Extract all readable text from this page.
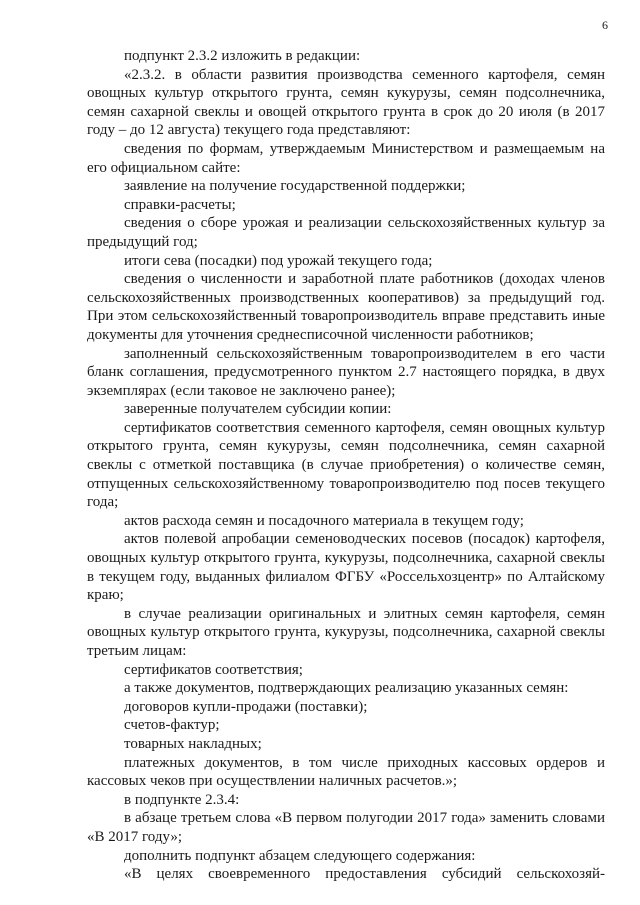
6

подпункт 2.3.2 изложить в редакции:

«2.3.2. в области развития производства семенного картофеля, семян овощных культур открытого грунта, семян кукурузы, семян подсолнечника, семян сахарной свеклы и овощей открытого грунта в срок до 20 июля (в 2017 году – до 12 августа) текущего года представляют:

сведения по формам, утверждаемым Министерством и размещаемым на его официальном сайте:

заявление на получение государственной поддержки;

справки-расчеты;

сведения о сборе урожая и реализации сельскохозяйственных культур за предыдущий год;

итоги сева (посадки) под урожай текущего года;

сведения о численности и заработной плате работников (доходах членов сельскохозяйственных производственных кооперативов) за предыдущий год. При этом сельскохозяйственный товаропроизводитель вправе представить иные документы для уточнения среднесписочной численности работников;

заполненный сельскохозяйственным товаропроизводителем в его части бланк соглашения, предусмотренного пунктом 2.7 настоящего порядка, в двух экземплярах (если таковое не заключено ранее);

заверенные получателем субсидии копии:

сертификатов соответствия семенного картофеля, семян овощных культур открытого грунта, семян кукурузы, семян подсолнечника, семян сахарной свеклы с отметкой поставщика (в случае приобретения) о количестве семян, отпущенных сельскохозяйственному товаропроизводителю под посев текущего года;

актов расхода семян и посадочного материала в текущем году;

актов полевой апробации семеноводческих посевов (посадок) картофеля, овощных культур открытого грунта, кукурузы, подсолнечника, сахарной свеклы в текущем году, выданных филиалом ФГБУ «Россельхозцентр» по Алтайскому краю;

в случае реализации оригинальных и элитных семян картофеля, семян овощных культур открытого грунта, кукурузы, подсолнечника, сахарной свеклы третьим лицам:

сертификатов соответствия;

а также документов, подтверждающих реализацию указанных семян:

договоров купли-продажи (поставки);

счетов-фактур;

товарных накладных;

платежных документов, в том числе приходных кассовых ордеров и кассовых чеков при осуществлении наличных расчетов.»;

в подпункте 2.3.4:

в абзаце третьем слова «В первом полугодии 2017 года» заменить словами «В 2017 году»;

дополнить подпункт абзацем следующего содержания:

«В целях своевременного предоставления субсидий сельскохозяй-
